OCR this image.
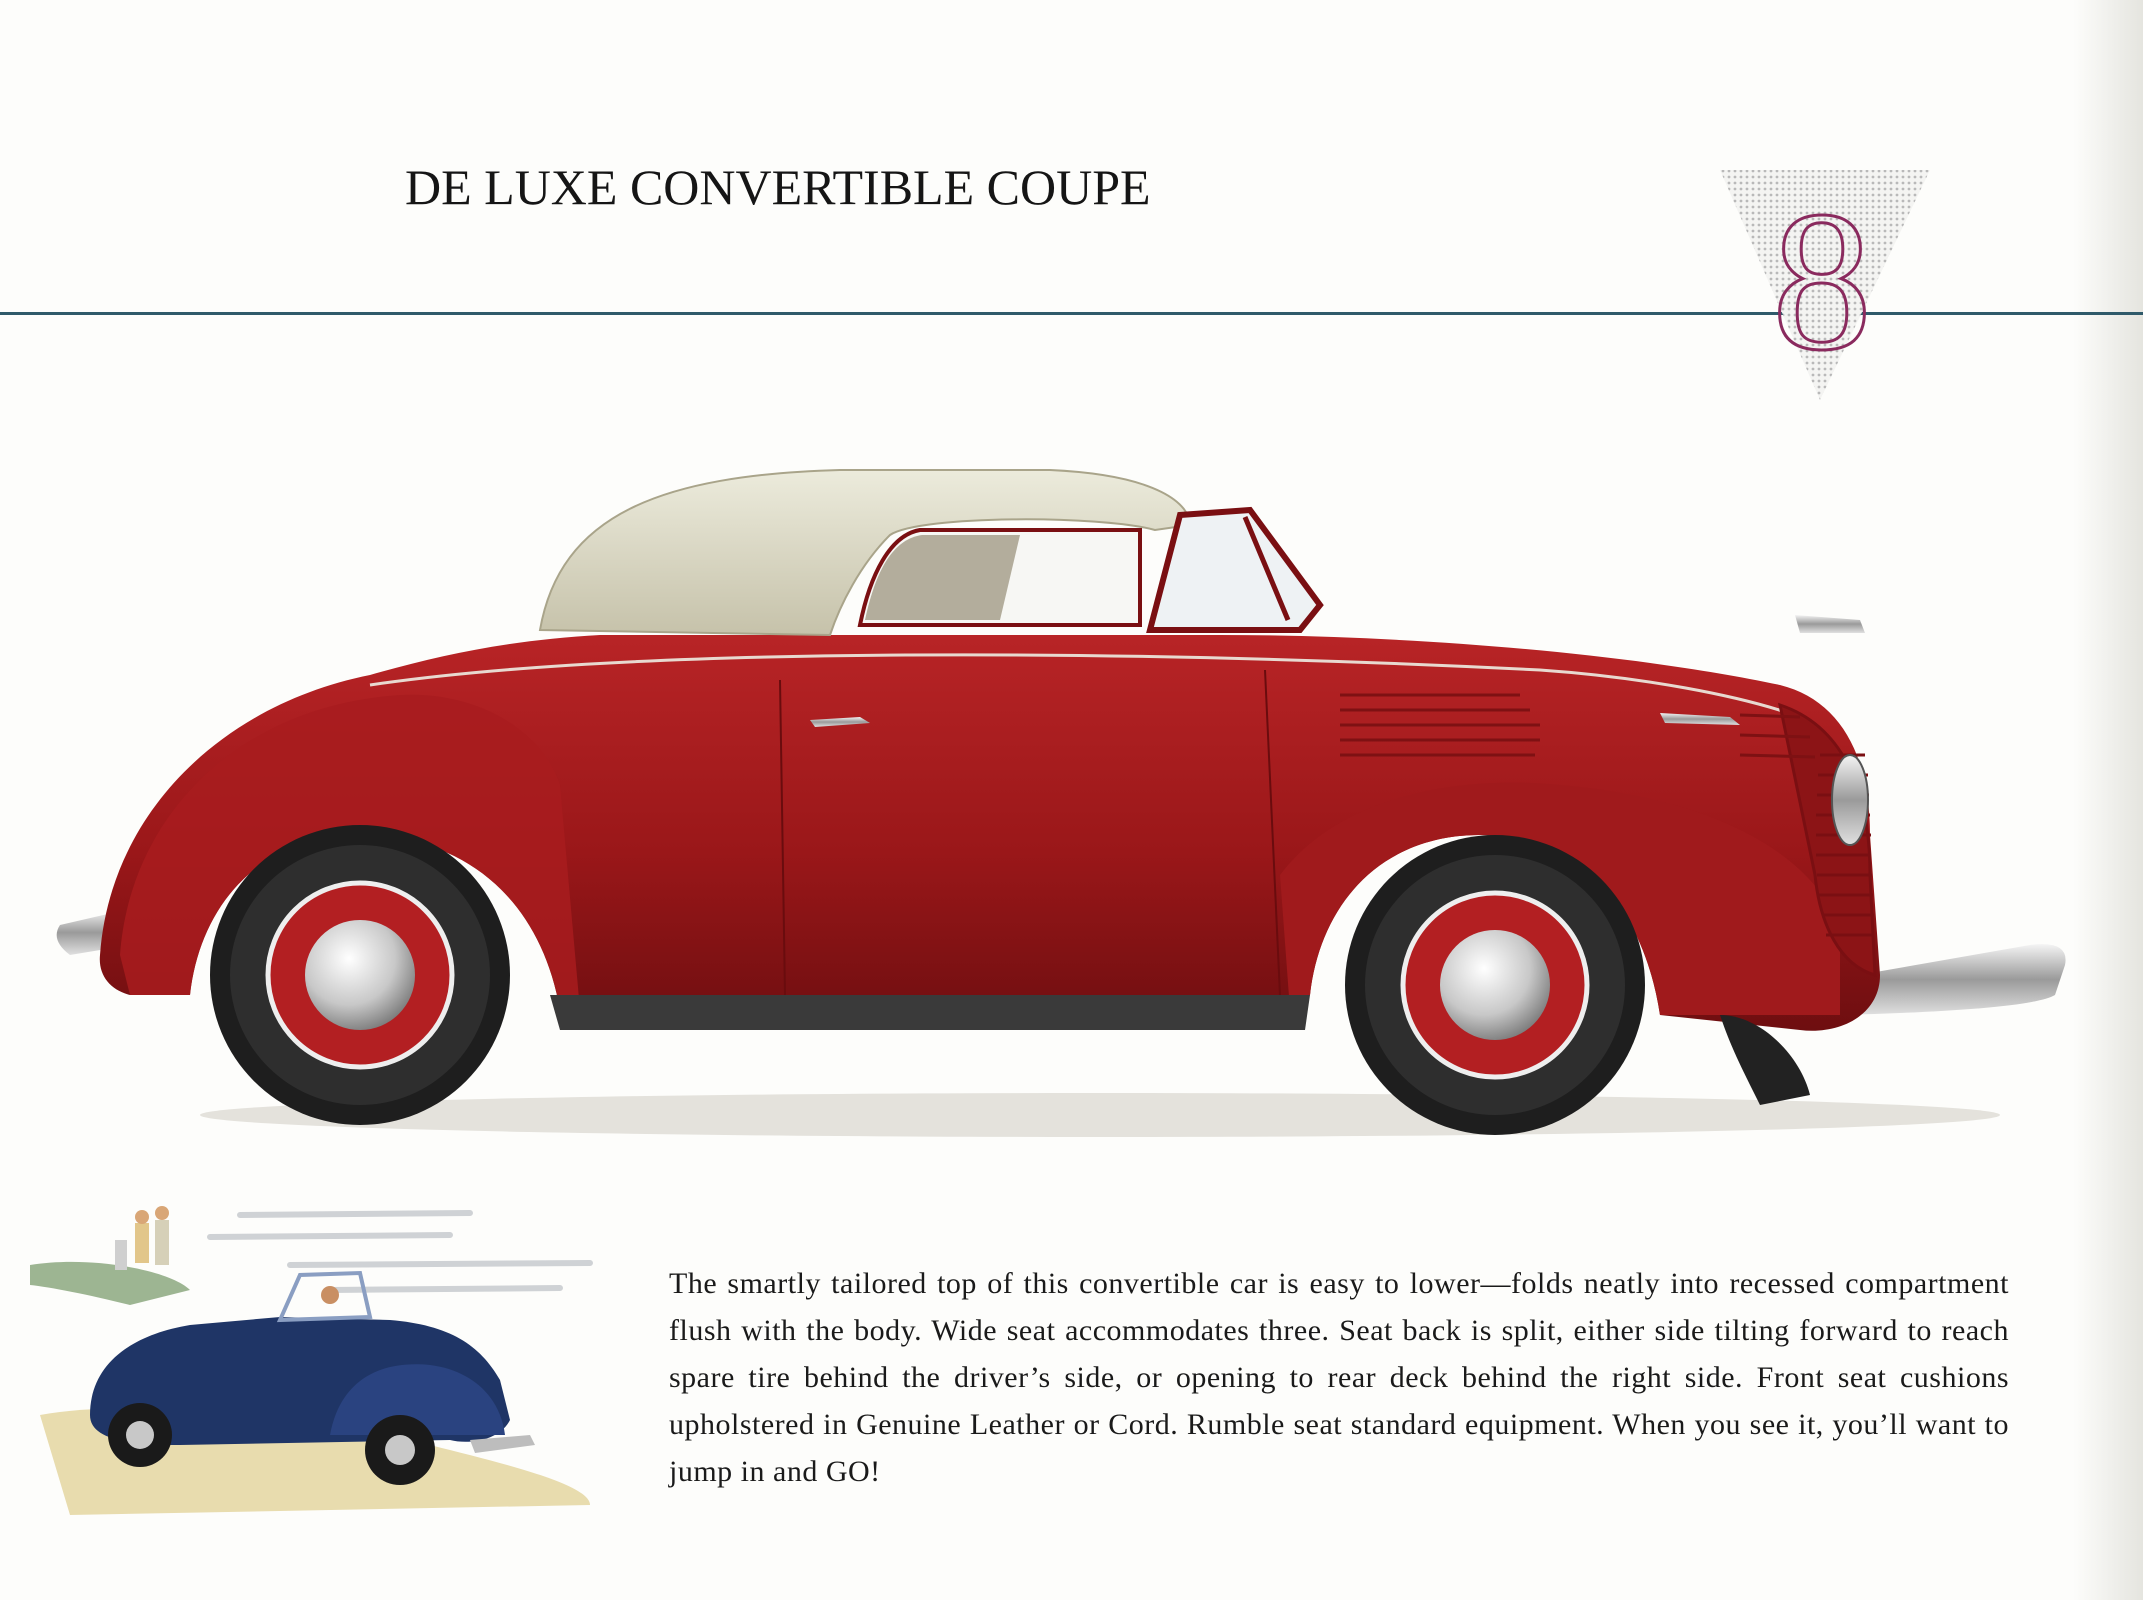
DE LUXE CONVERTIBLE COUPE	8

The smartly tailored top of this convertible car is easy to lower—folds neatly into recessed compartment flush with the body. Wide seat accommodates three. Seat back is split, either side tilting forward to reach spare tire behind the driver’s side, or opening to rear deck behind the right side. Front seat cushions upholstered in Genuine Leather or Cord. Rumble seat standard equipment. When you see it, you’ll want to jump in and GO!
